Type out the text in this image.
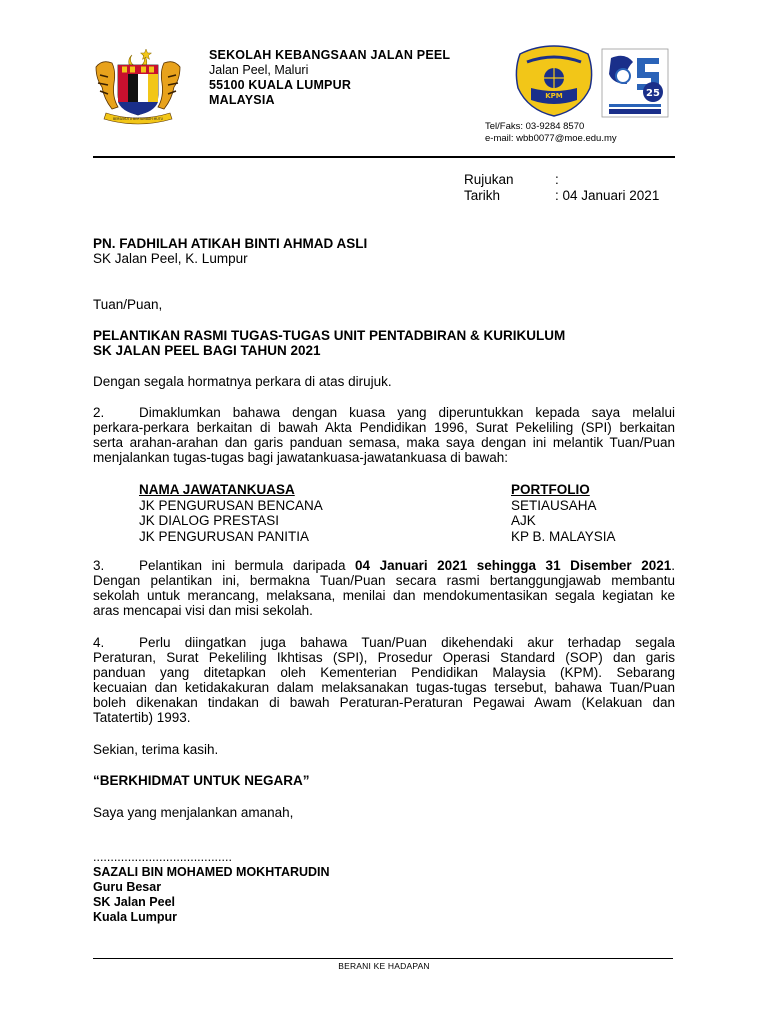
BERSEKUTU BERTAMBAH MUTU
SEKOLAH KEBANGSAAN JALAN PEEL
Jalan Peel, Maluri
55100 KUALA LUMPUR
MALAYSIA	KPM	25
Tel/Faks: 03-9284 8570
e-mail: wbb0077@moe.edu.my
Rujukan	:
Tarikh	: 04 Januari 2021
PN. FADHILAH ATIKAH BINTI AHMAD ASLI
SK Jalan Peel, K. Lumpur
Tuan/Puan,
PELANTIKAN RASMI TUGAS-TUGAS UNIT PENTADBIRAN & KURIKULUM
SK JALAN PEEL BAGI TAHUN 2021
Dengan segala hormatnya perkara di atas dirujuk.
2.	Dimaklumkan bahawa dengan kuasa yang diperuntukkan kepada saya melalui
perkara-perkara berkaitan di bawah Akta Pendidikan 1996, Surat Pekeliling (SPI) berkaitan
serta arahan-arahan dan garis panduan semasa, maka saya dengan ini melantik Tuan/Puan
menjalankan tugas-tugas bagi jawatankuasa-jawatankuasa di bawah:
NAMA JAWATANKUASA	PORTFOLIO
JK PENGURUSAN BENCANA	SETIAUSAHA
JK DIALOG PRESTASI	AJK
JK PENGURUSAN PANITIA	KP B. MALAYSIA
3.	Pelantikan ini bermula daripada 04 Januari 2021 sehingga 31 Disember 2021.
Dengan pelantikan ini, bermakna Tuan/Puan secara rasmi bertanggungjawab membantu
sekolah untuk merancang, melaksana, menilai dan mendokumentasikan segala kegiatan ke
aras mencapai visi dan misi sekolah.
4.	Perlu diingatkan juga bahawa Tuan/Puan dikehendaki akur terhadap segala
Peraturan, Surat Pekeliling Ikhtisas (SPI), Prosedur Operasi Standard (SOP) dan garis
panduan yang ditetapkan oleh Kementerian Pendidikan Malaysia (KPM). Sebarang
kecuaian dan ketidakakuran dalam melaksanakan tugas-tugas tersebut, bahawa Tuan/Puan
boleh dikenakan tindakan di bawah Peraturan-Peraturan Pegawai Awam (Kelakuan dan
Tatatertib) 1993.
Sekian, terima kasih.
“BERKHIDMAT UNTUK NEGARA”
Saya yang menjalankan amanah,
........................................
SAZALI BIN MOHAMED MOKHTARUDIN
Guru Besar
SK Jalan Peel
Kuala Lumpur
BERANI KE HADAPAN
